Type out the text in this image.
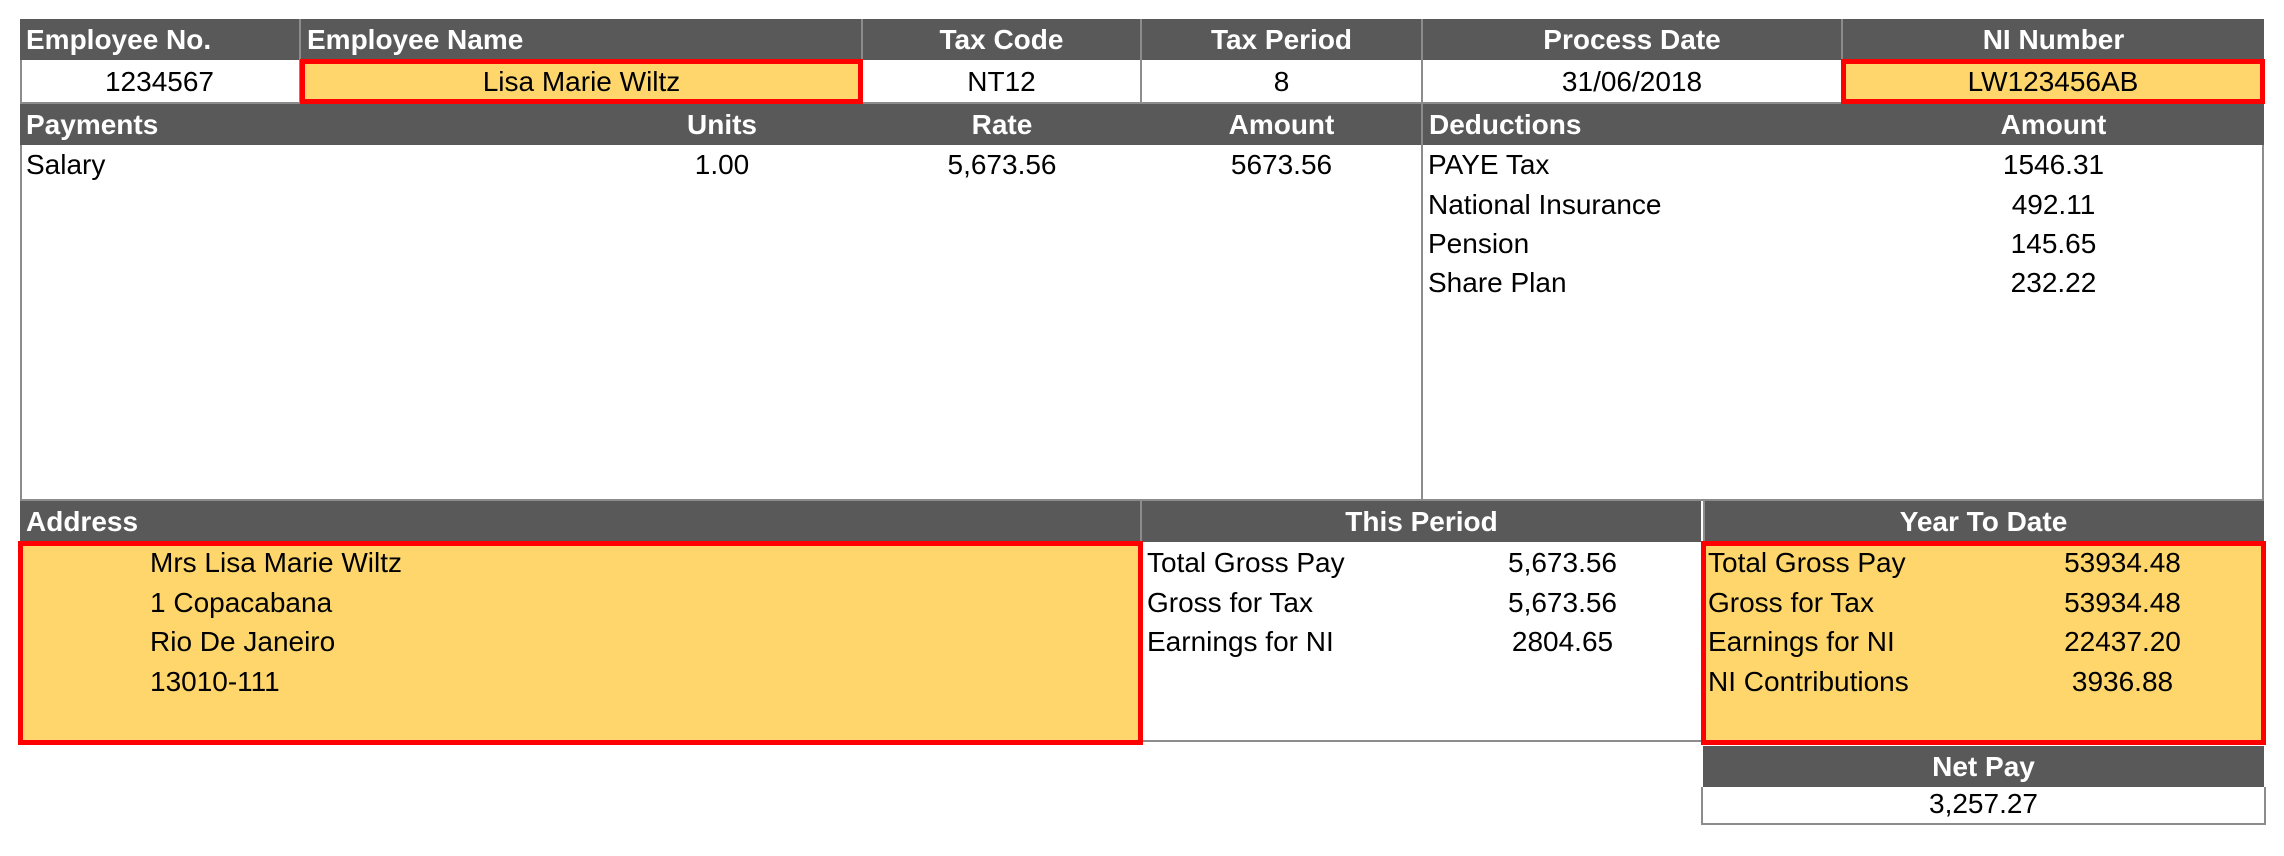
Employee No.	Employee Name	Tax Code	Tax Period	Process Date	NI Number
1234567	Lisa Marie Wiltz	NT12	8	31/06/2018	LW123456AB
Payments	Units	Rate	Amount	Deductions	Amount
Salary	1.00	5,673.56	5673.56	PAYE Tax	1546.31
National Insurance	492.11
Pension	145.65
Share Plan	232.22
Address	This Period	Year To Date
Mrs Lisa Marie Wiltz
1 Copacabana
Rio De Janeiro
13010-111
Total Gross Pay	5,673.56
Gross for Tax	5,673.56
Earnings for NI	2804.65
Total Gross Pay	53934.48
Gross for Tax	53934.48
Earnings for NI	22437.20
NI Contributions	3936.88
Net Pay
3,257.27
